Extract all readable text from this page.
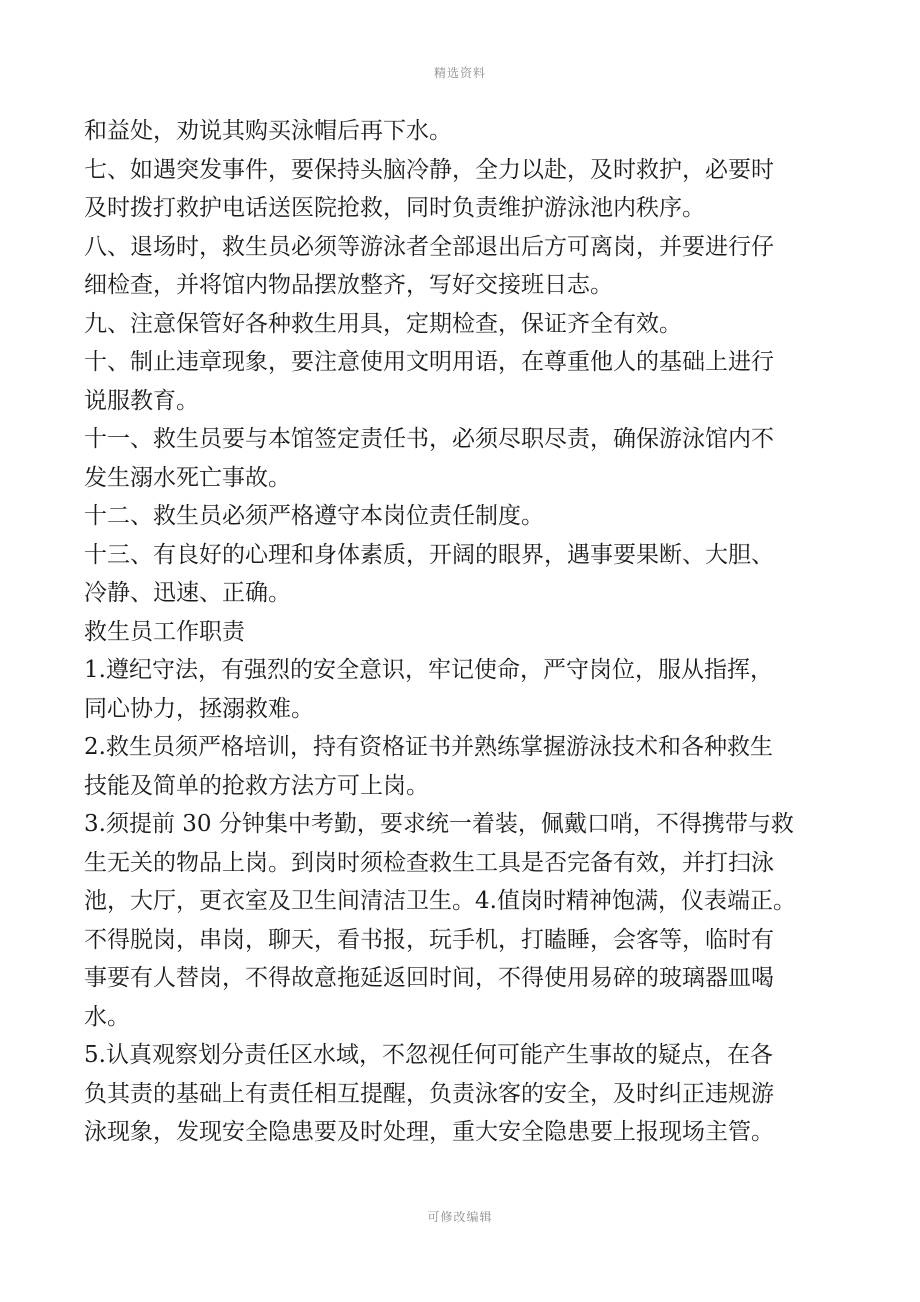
精选资料
和益处，劝说其购买泳帽后再下水。
七、如遇突发事件，要保持头脑冷静，全力以赴，及时救护，必要时
及时拨打救护电话送医院抢救，同时负责维护游泳池内秩序。
八、退场时，救生员必须等游泳者全部退出后方可离岗，并要进行仔
细检查，并将馆内物品摆放整齐，写好交接班日志。
九、注意保管好各种救生用具，定期检查，保证齐全有效。
十、制止违章现象，要注意使用文明用语，在尊重他人的基础上进行
说服教育。
十一、救生员要与本馆签定责任书，必须尽职尽责，确保游泳馆内不
发生溺水死亡事故。
十二、救生员必须严格遵守本岗位责任制度。
十三、有良好的心理和身体素质，开阔的眼界，遇事要果断、大胆、
冷静、迅速、正确。
救生员工作职责
1.遵纪守法，有强烈的安全意识，牢记使命，严守岗位，服从指挥，
同心协力，拯溺救难。
2.救生员须严格培训，持有资格证书并熟练掌握游泳技术和各种救生
技能及简单的抢救方法方可上岗。
3.须提前 30 分钟集中考勤，要求统一着装，佩戴口哨，不得携带与救
生无关的物品上岗。到岗时须检查救生工具是否完备有效，并打扫泳
池，大厅，更衣室及卫生间清洁卫生。4.值岗时精神饱满，仪表端正。
不得脱岗，串岗，聊天，看书报，玩手机，打瞌睡，会客等，临时有
事要有人替岗，不得故意拖延返回时间，不得使用易碎的玻璃器皿喝
水。
5.认真观察划分责任区水域，不忽视任何可能产生事故的疑点，在各
负其责的基础上有责任相互提醒，负责泳客的安全，及时纠正违规游
泳现象，发现安全隐患要及时处理，重大安全隐患要上报现场主管。
可修改编辑
